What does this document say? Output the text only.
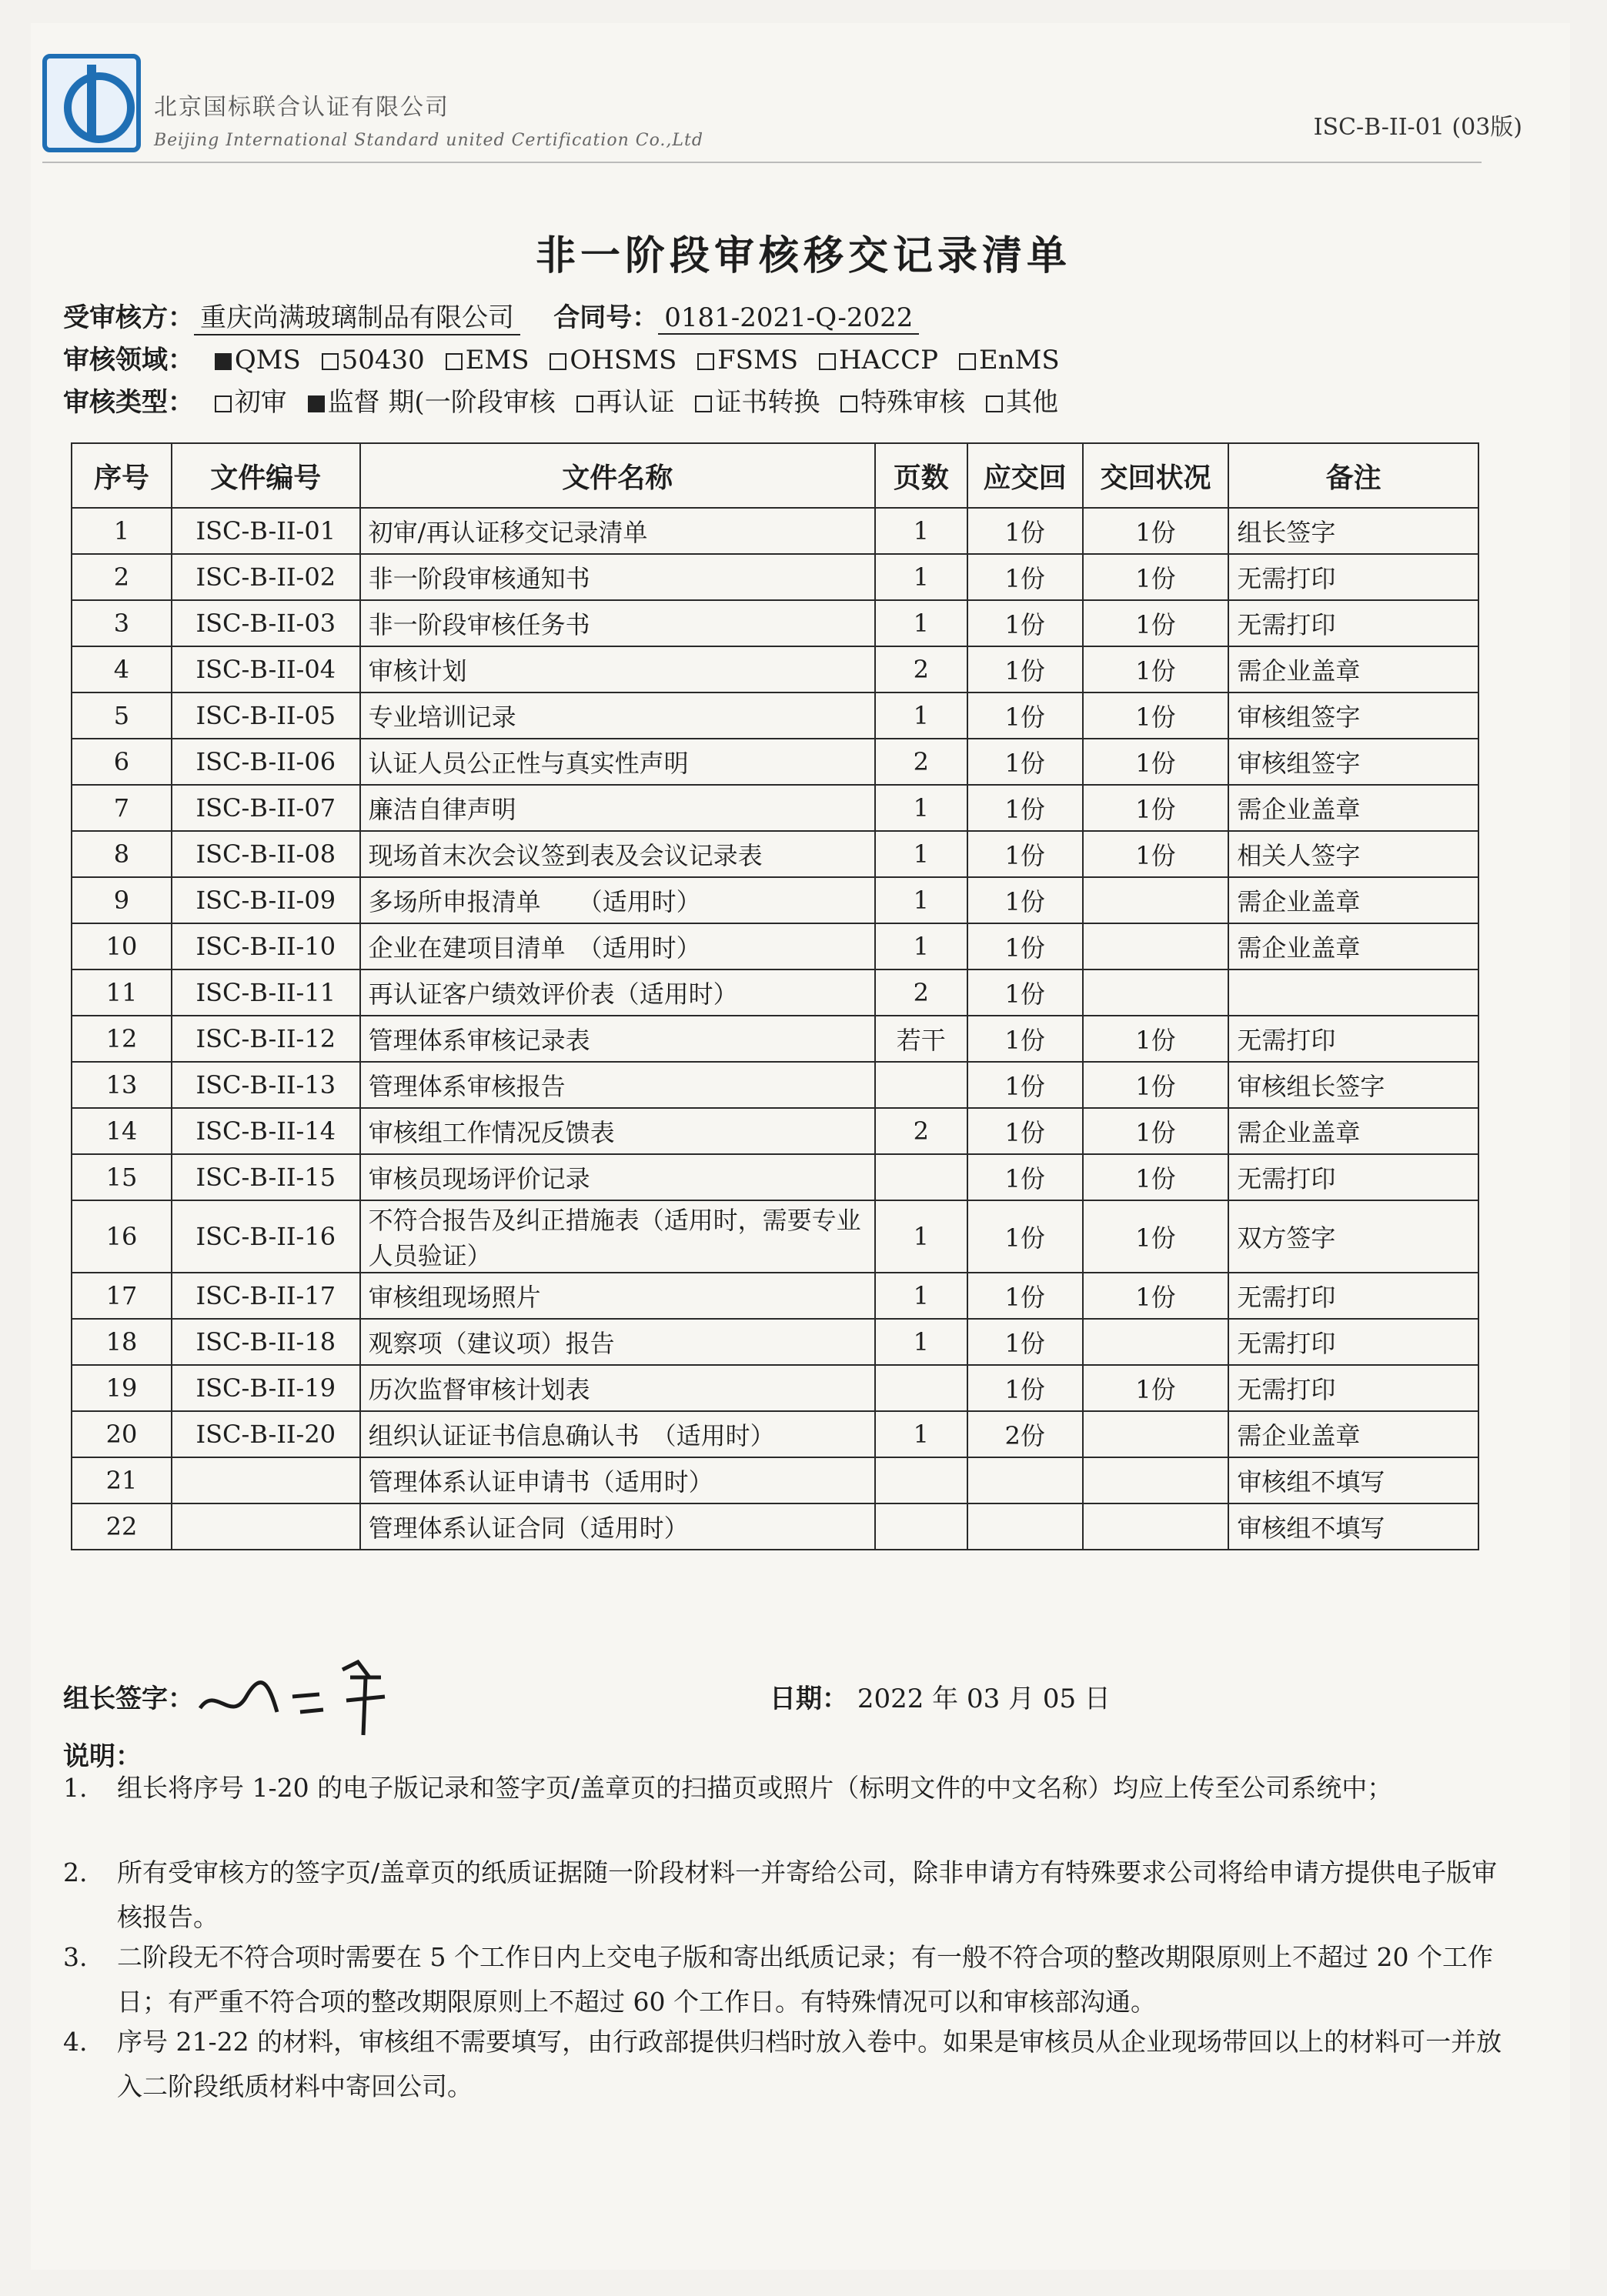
北京国标联合认证有限公司
Beijing International Standard united Certification Co.,Ltd	ISC-B-II-01 (03版)
非一阶段审核移交记录清单
受审核方： 重庆尚满玻璃制品有限公司 合同号： 0181-2021-Q-2022
审核领域： QMS 50430 EMS OHSMS FSMS HACCP EnMS
审核类型： 初审 监督 期(一阶段审核 再认证 证书转换 特殊审核 其他
序号	文件编号	文件名称	页数	应交回	交回状况	备注
1	ISC-B-II-01	初审/再认证移交记录清单	1	1份	1份	组长签字
2	ISC-B-II-02	非一阶段审核通知书	1	1份	1份	无需打印
3	ISC-B-II-03	非一阶段审核任务书	1	1份	1份	无需打印
4	ISC-B-II-04	审核计划	2	1份	1份	需企业盖章
5	ISC-B-II-05	专业培训记录	1	1份	1份	审核组签字
6	ISC-B-II-06	认证人员公正性与真实性声明	2	1份	1份	审核组签字
7	ISC-B-II-07	廉洁自律声明	1	1份	1份	需企业盖章
8	ISC-B-II-08	现场首末次会议签到表及会议记录表	1	1份	1份	相关人签字
9	ISC-B-II-09	多场所申报清单　　（适用时）	1	1份		需企业盖章
10	ISC-B-II-10	企业在建项目清单　（适用时）	1	1份		需企业盖章
11	ISC-B-II-11	再认证客户绩效评价表（适用时）	2	1份		
12	ISC-B-II-12	管理体系审核记录表	若干	1份	1份	无需打印
13	ISC-B-II-13	管理体系审核报告		1份	1份	审核组长签字
14	ISC-B-II-14	审核组工作情况反馈表	2	1份	1份	需企业盖章
15	ISC-B-II-15	审核员现场评价记录		1份	1份	无需打印
16	ISC-B-II-16	不符合报告及纠正措施表（适用时，需要专业人员验证）	1	1份	1份	双方签字
17	ISC-B-II-17	审核组现场照片	1	1份	1份	无需打印
18	ISC-B-II-18	观察项（建议项）报告	1	1份		无需打印
19	ISC-B-II-19	历次监督审核计划表		1份	1份	无需打印
20	ISC-B-II-20	组织认证证书信息确认书　（适用时）	1	2份		需企业盖章
21		管理体系认证申请书（适用时）				审核组不填写
22		管理体系认证合同（适用时）				审核组不填写
组长签字：	日期： 2022 年 03 月 05 日
说明：
1.	组长将序号 1-20 的电子版记录和签字页/盖章页的扫描页或照片（标明文件的中文名称）均应上传至公司系统中；
2.	所有受审核方的签字页/盖章页的纸质证据随一阶段材料一并寄给公司，除非申请方有特殊要求公司将给申请方提供电子版审核报告。
3.	二阶段无不符合项时需要在 5 个工作日内上交电子版和寄出纸质记录；有一般不符合项的整改期限原则上不超过 20 个工作日；有严重不符合项的整改期限原则上不超过 60 个工作日。有特殊情况可以和审核部沟通。
4.	序号 21-22 的材料，审核组不需要填写，由行政部提供归档时放入卷中。如果是审核员从企业现场带回以上的材料可一并放入二阶段纸质材料中寄回公司。
